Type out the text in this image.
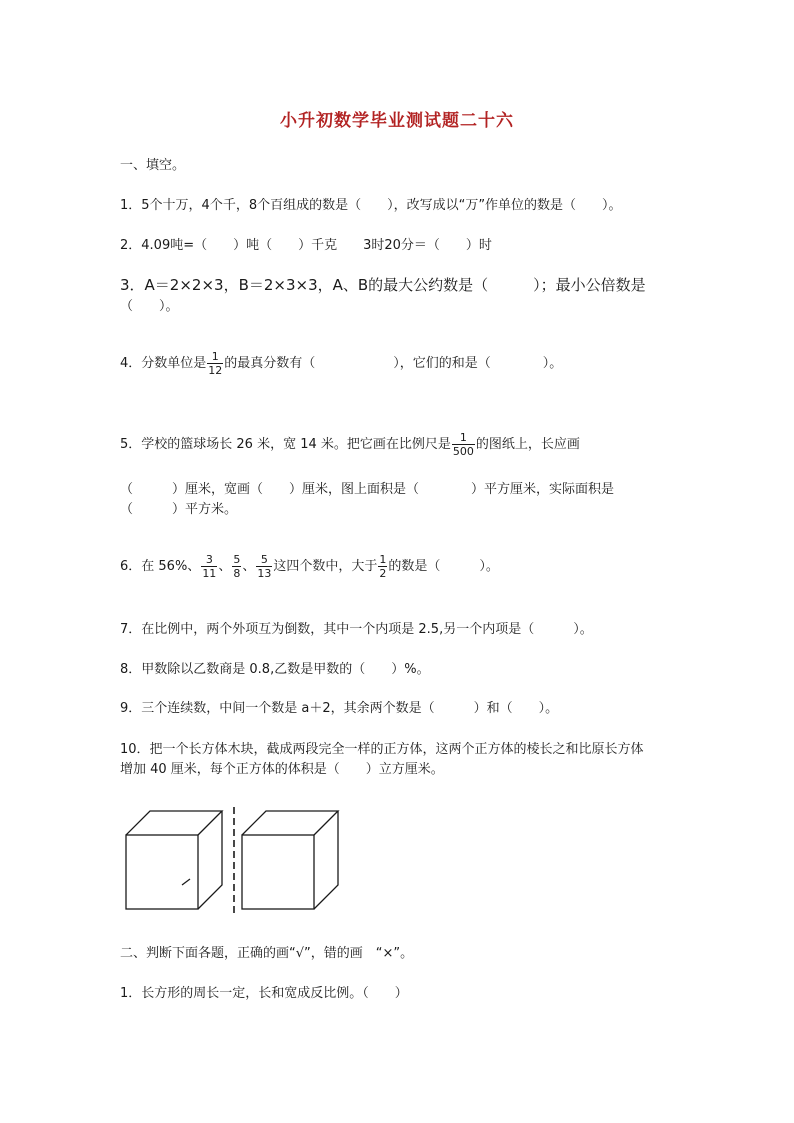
小升初数学毕业测试题二十六
一、填空。
1．5个十万，4个千，8个百组成的数是（　　），改写成以“万”作单位的数是（　　）。
2．4.09吨=（　　）吨（　　）千克　　3时20分＝（　　）时
3．A＝2×2×3，B＝2×3×3，A、B的最大公约数是（　　　）；最小公倍数是
（　　）。
4．分数单位是 $\frac{1}{12}$ 的最真分数有（　　　　　　），它们的和是（　　　　）。
5．学校的篮球场长 26 米，宽 14 米。把它画在比例尺是 $\frac{1}{500}$ 的图纸上，长应画
（　　　）厘米，宽画（　　）厘米，图上面积是（　　　　）平方厘米，实际面积是
（　　　）平方米。
6．在 56%、 $\frac{3}{11}$ 、 $\frac{5}{8}$ 、 $\frac{5}{13}$ 这四个数中，大于 $\frac{1}{2}$ 的数是（　　　）。
7．在比例中，两个外项互为倒数，其中一个内项是 2.5,另一个内项是（　　　）。
8．甲数除以乙数商是 0.8,乙数是甲数的（　　）%。
9．三个连续数，中间一个数是 a＋2，其余两个数是（　　　）和（　　）。
10．把一个长方体木块，截成两段完全一样的正方体，这两个正方体的棱长之和比原长方体
增加 40 厘米，每个正方体的体积是（　　）立方厘米。
二、判断下面各题，正确的画“√”，错的画　“×”。
1．长方形的周长一定，长和宽成反比例。（　　）
